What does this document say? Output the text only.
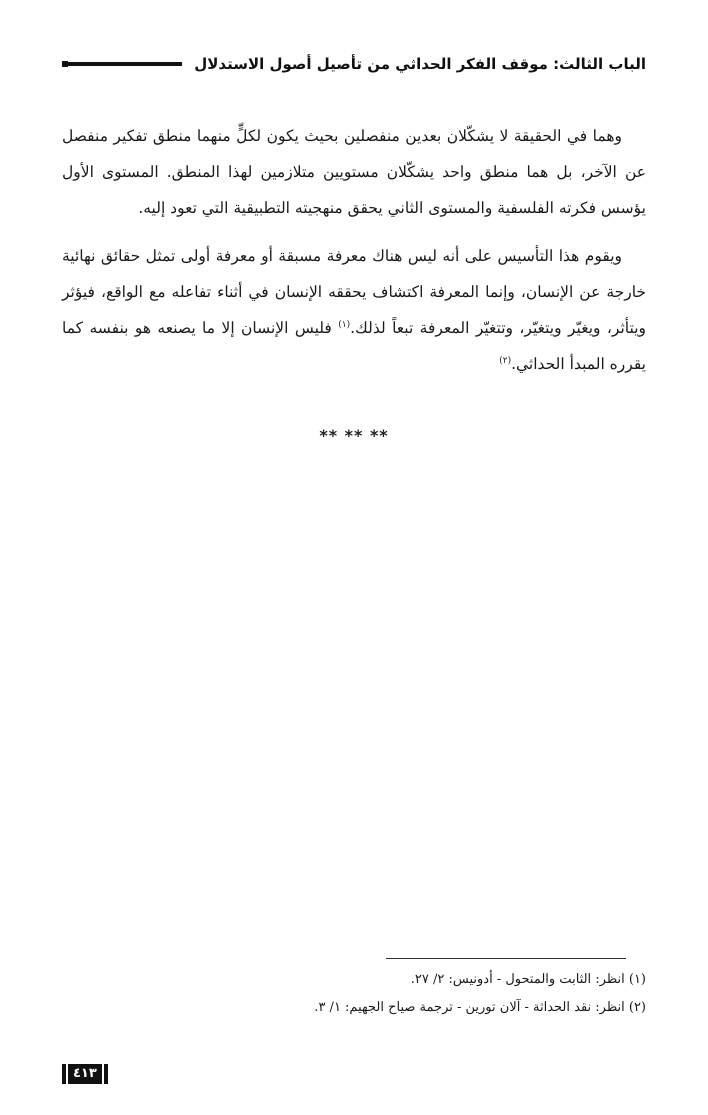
الباب الثالث: موقف الفكر الحداثي من تأصيل أصول الاستدلال

وهما في الحقيقة لا يشكّلان بعدين منفصلين بحيث يكون لكلٍّ منهما منطق تفكير منفصل عن الآخر، بل هما منطق واحد يشكّلان مستويين متلازمين لهذا المنطق. المستوى الأول يؤسس فكرته الفلسفية والمستوى الثاني يحقق منهجيته التطبيقية التي تعود إليه.

ويقوم هذا التأسيس على أنه ليس هناك معرفة مسبقة أو معرفة أولى تمثل حقائق نهائية خارجة عن الإنسان، وإنما المعرفة اكتشاف يحققه الإنسان في أثناء تفاعله مع الواقع، فيؤثر ويتأثر، ويغيّر ويتغيّر، وتتغيّر المعرفة تبعاً لذلك.$^{(١)}$ فليس الإنسان إلا ما يصنعه هو بنفسه كما يقرره المبدأ الحداثي.$^{(٢)}$

** ** **

(١) انظر: الثابت والمتحول - أدونيس: ٢/ ٢٧.

(٢) انظر: نقد الحداثة - آلان تورين - ترجمة صياح الجهيم: ١/ ٣.

٤١٣
